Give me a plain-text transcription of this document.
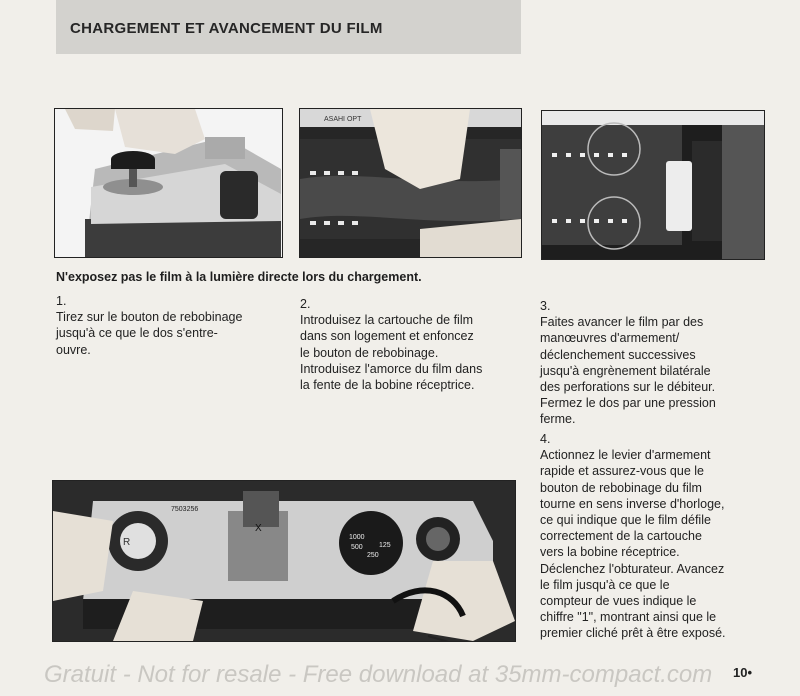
CHARGEMENT ET AVANCEMENT DU FILM
ASAHI OPT
R
7503256
X
1000
500
250
125
N'exposez pas le film à la lumière directe lors du chargement.
1.
Tirez sur le bouton de rebobinage
jusqu'à ce que le dos s'entre-
ouvre.
2.
Introduisez la cartouche de film
dans son logement et enfoncez
le bouton de rebobinage.
Introduisez l'amorce du film dans
la fente de la bobine réceptrice.
3.
Faites avancer le film par des
manœuvres d'armement/
déclenchement successives
jusqu'à engrènement bilatérale
des perforations sur le débiteur.
Fermez le dos par une pression
ferme.
4.
Actionnez le levier d'armement
rapide et assurez-vous que le
bouton de rebobinage du film
tourne en sens inverse d'horloge,
ce qui indique que le film défile
correctement de la cartouche
vers la bobine réceptrice.
Déclenchez l'obturateur. Avancez
le film jusqu'à ce que le
compteur de vues indique le
chiffre "1", montrant ainsi que le
premier cliché prêt à être exposé.
Gratuit - Not for resale - Free download at 35mm-compact.com 10•
